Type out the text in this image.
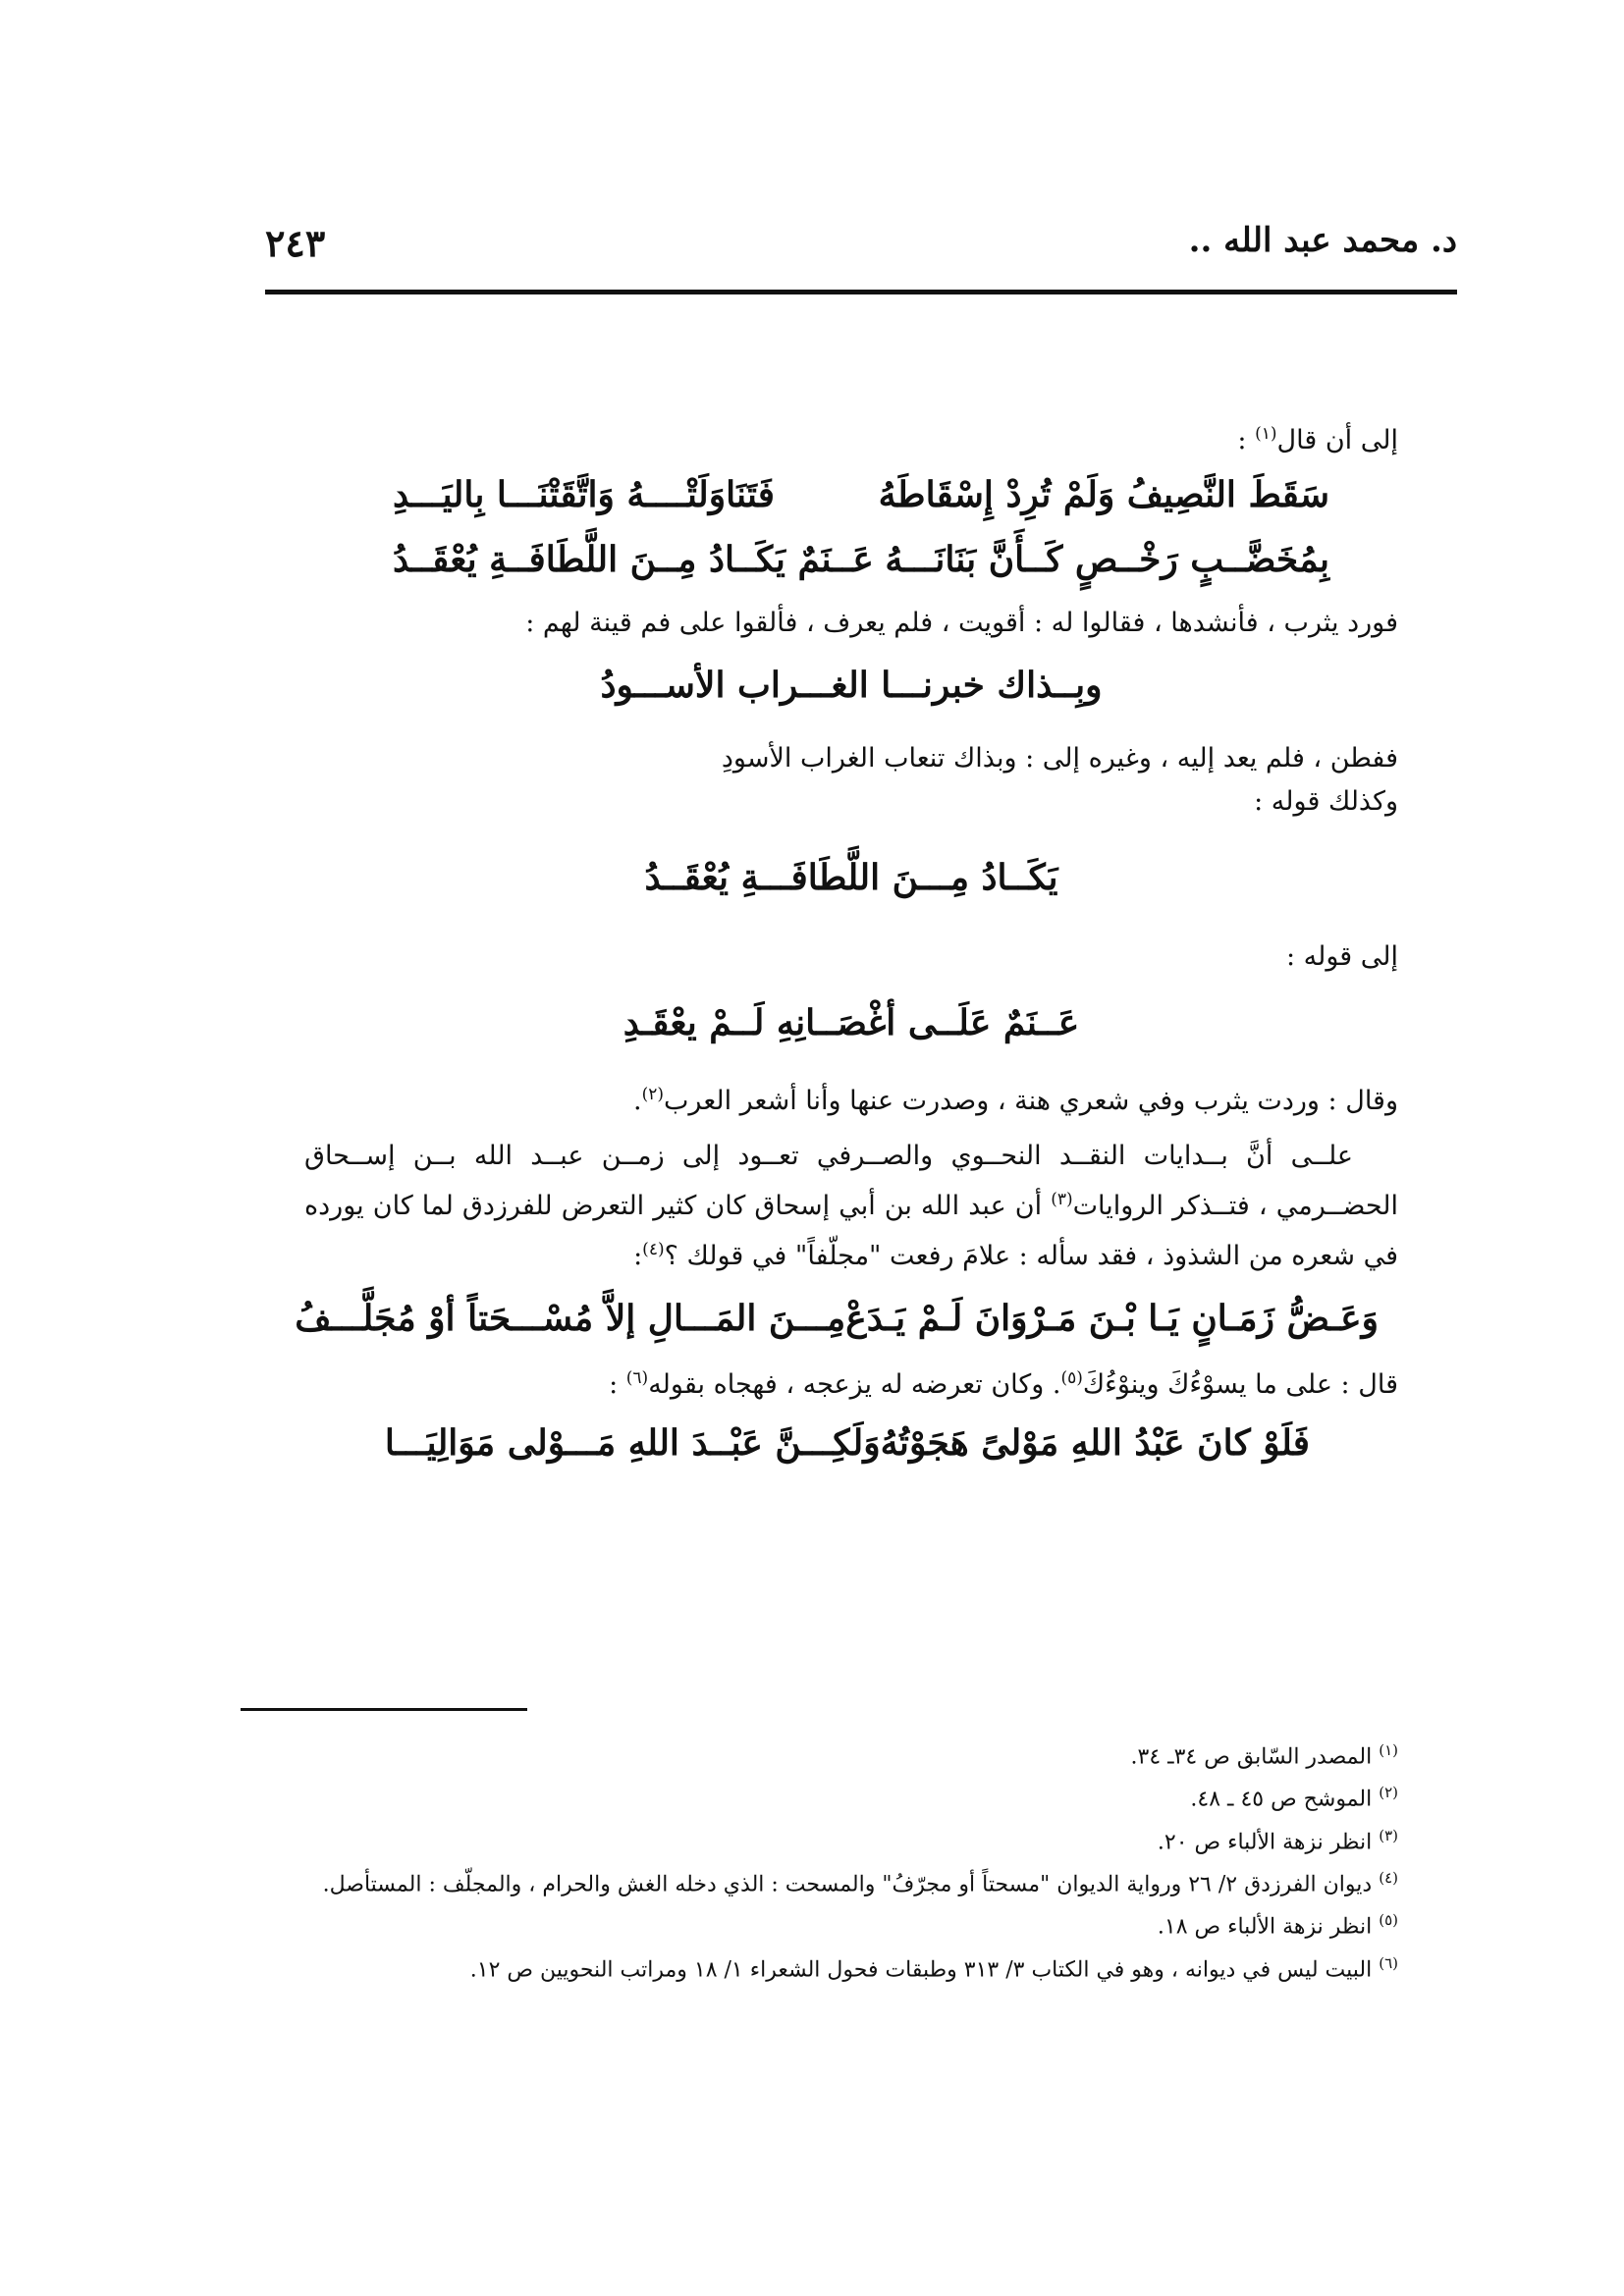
د. محمد عبد الله ..
٢٤٣

إلى أن قال$^{(١)}$ :

سَقَطَ النَّصِيفُ وَلَمْ تُرِدْ إِسْقَاطَهُ
فَتَنَاوَلَتْــــهُ وَاتَّقَتْنَـــا بِاليَـــدِ
بِمُخَضَّــبٍ رَخْــصٍ كَــأَنَّ بَنَانَـــهُ
عَــنَمٌ يَكَــادُ مِــنَ اللَّطَافَــةِ يُعْقَــدُ

فورد يثرب ، فأنشدها ، فقالوا له : أقويت ، فلم يعرف ، فألقوا على فم قينة لهم :

وبِــذاك خبرنـــا الغـــراب الأســـودُ

ففطن ، فلم يعد إليه ، وغيره إلى : وبذاك تنعاب الغراب الأسودِ

وكذلك قوله :

يَكَــادُ مِـــنَ اللَّطَافَـــةِ يُعْقَــدُ

إلى قوله :

عَــنَمٌ عَلَــى أغْصَــانِهِ لَــمْ يعْقَـدِ

وقال : وردت يثرب وفي شعري هنة ، وصدرت عنها وأنا أشعر العرب$^{(٢)}$.

علــى أنَّ بــدايات النقــد النحــوي والصــرفي تعــود إلى زمــن عبــد الله بــن إســحاق الحضــرمي ، فتــذكر الروايات$^{(٣)}$ أن عبد الله بن أبي إسحاق كان كثير التعرض للفرزدق لما كان يورده في شعره من الشذوذ ، فقد سأله : علامَ رفعت "مجلّفاً" في قولك ؟$^{(٤)}$:

وَعَـضُّ زَمَـانٍ يَـا بْـنَ مَـرْوَانَ لَـمْ يَـدَعْ
مِـــنَ المَـــالِ إلاَّ مُسْـــحَتاً أوْ مُجَلَّـــفُ

قال : على ما يسوْءُكَ وينوْءُكَ$^{(٥)}$. وكان تعرضه له يزعجه ، فهجاه بقوله$^{(٦)}$ :

فَلَوْ كانَ عَبْدُ اللهِ مَوْلىً هَجَوْتُهُ
وَلَكِـــنَّ عَبْــدَ اللهِ مَـــوْلى مَوَالِيَـــا

$^{(١)}$ المصدر السّابق ص ٣٤ـ ٣٤.

$^{(٢)}$ الموشح ص ٤٥ ـ ٤٨.

$^{(٣)}$ انظر نزهة الألباء ص ٢٠.

$^{(٤)}$ ديوان الفرزدق ٢/ ٢٦ ورواية الديوان "مسحتاً أو مجرّفُ" والمسحت : الذي دخله الغش والحرام ، والمجلّف : المستأصل.

$^{(٥)}$ انظر نزهة الألباء ص ١٨.

$^{(٦)}$ البيت ليس في ديوانه ، وهو في الكتاب ٣/ ٣١٣ وطبقات فحول الشعراء ١/ ١٨ ومراتب النحويين ص ١٢.
